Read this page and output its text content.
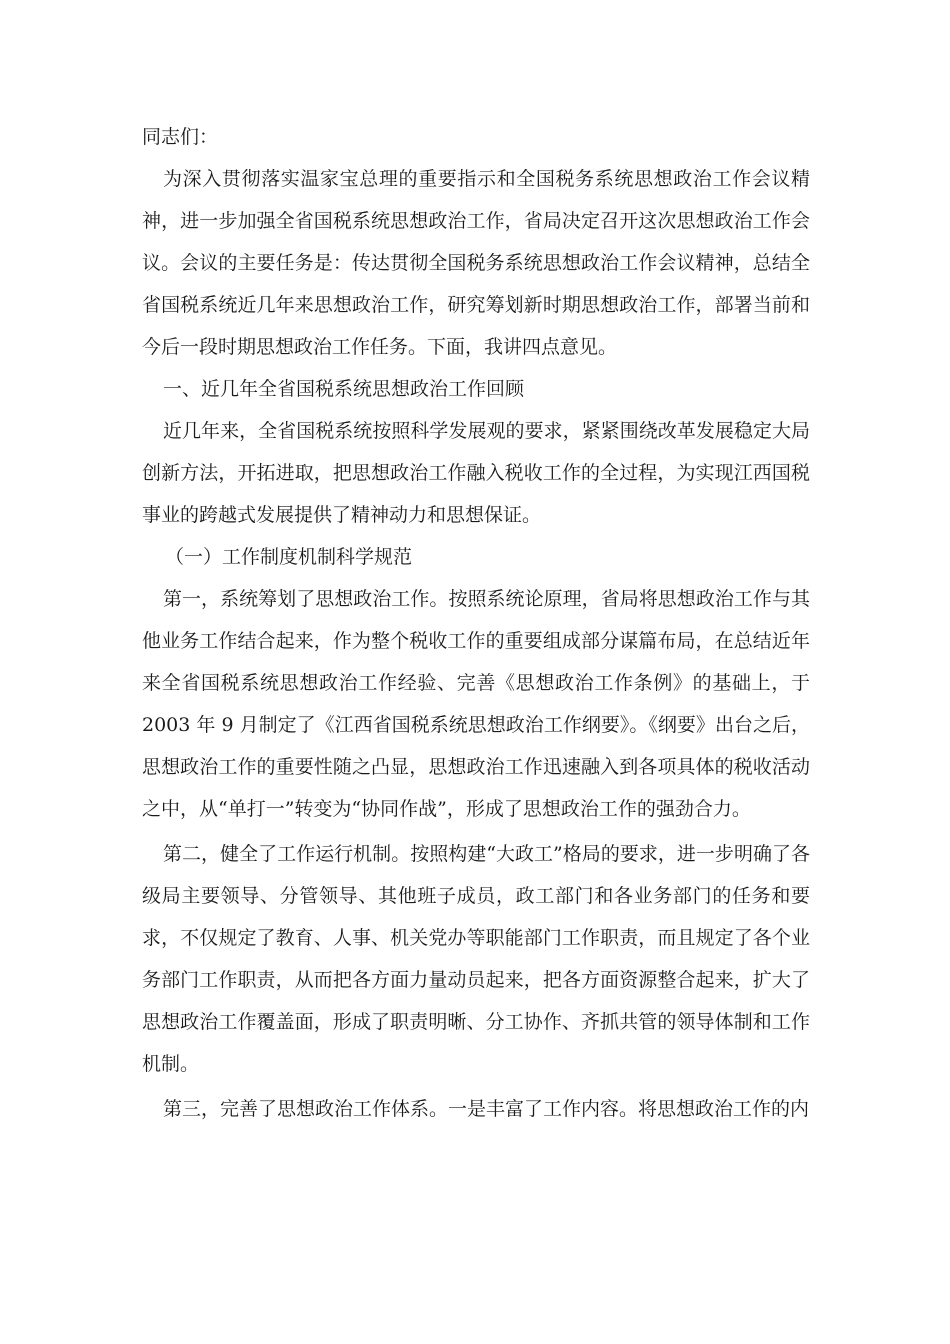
同志们：

为深入贯彻落实温家宝总理的重要指示和全国税务系统思想政治工作会议精神，进一步加强全省国税系统思想政治工作，省局决定召开这次思想政治工作会议。会议的主要任务是：传达贯彻全国税务系统思想政治工作会议精神，总结全省国税系统近几年来思想政治工作，研究筹划新时期思想政治工作，部署当前和今后一段时期思想政治工作任务。下面，我讲四点意见。

一、近几年全省国税系统思想政治工作回顾

近几年来，全省国税系统按照科学发展观的要求，紧紧围绕改革发展稳定大局创新方法，开拓进取，把思想政治工作融入税收工作的全过程，为实现江西国税事业的跨越式发展提供了精神动力和思想保证。

（一）工作制度机制科学规范

第一，系统筹划了思想政治工作。按照系统论原理，省局将思想政治工作与其他业务工作结合起来，作为整个税收工作的重要组成部分谋篇布局，在总结近年来全省国税系统思想政治工作经验、完善《思想政治工作条例》的基础上，于 2003 年 9 月制定了《江西省国税系统思想政治工作纲要》。《纲要》出台之后，思想政治工作的重要性随之凸显，思想政治工作迅速融入到各项具体的税收活动之中，从“单打一”转变为“协同作战”，形成了思想政治工作的强劲合力。

第二，健全了工作运行机制。按照构建“大政工”格局的要求，进一步明确了各级局主要领导、分管领导、其他班子成员，政工部门和各业务部门的任务和要求，不仅规定了教育、人事、机关党办等职能部门工作职责，而且规定了各个业务部门工作职责，从而把各方面力量动员起来，把各方面资源整合起来，扩大了思想政治工作覆盖面，形成了职责明晰、分工协作、齐抓共管的领导体制和工作机制。

第三，完善了思想政治工作体系。一是丰富了工作内容。将思想政治工作的内
